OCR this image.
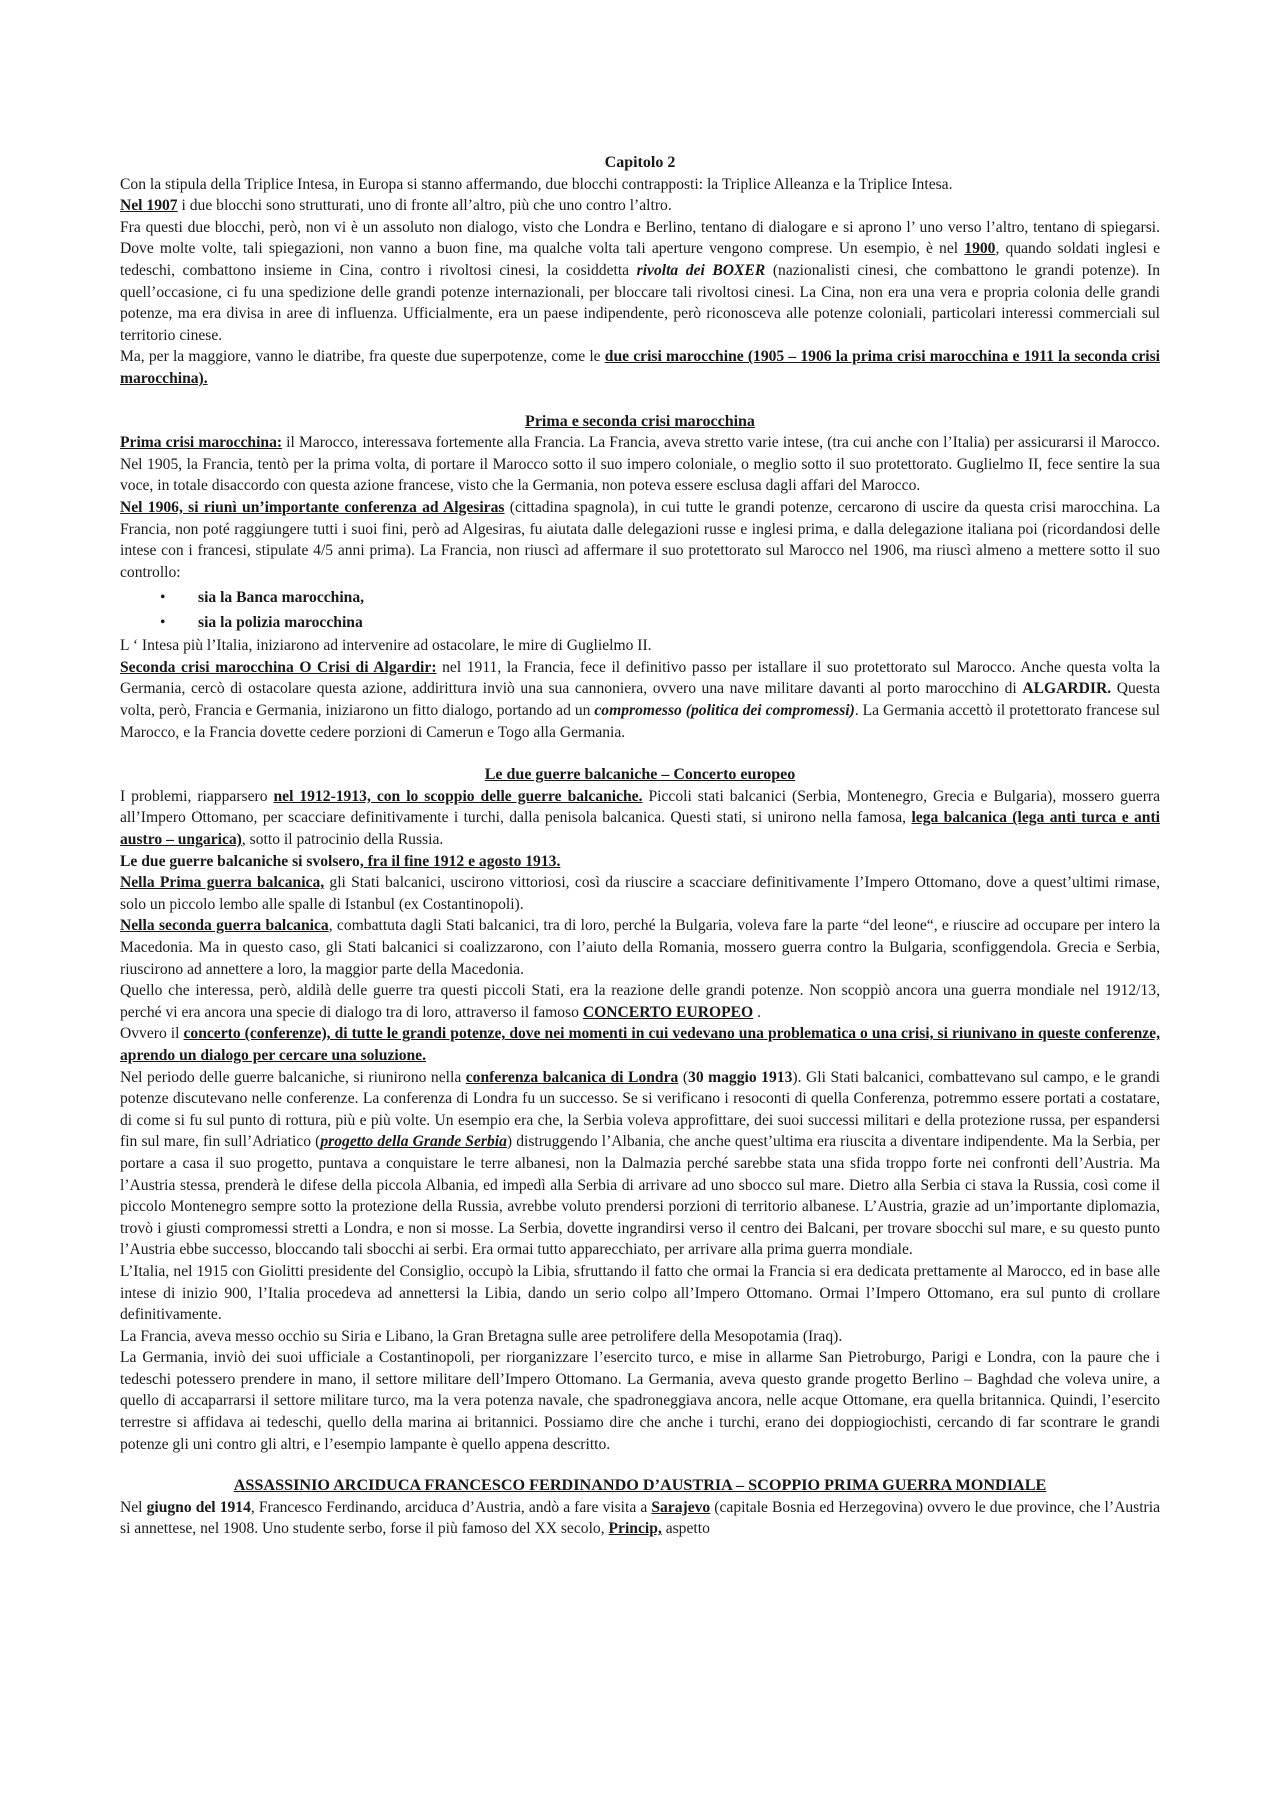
Capitolo 2

Con la stipula della Triplice Intesa, in Europa si stanno affermando, due blocchi contrapposti: la Triplice Alleanza e la Triplice Intesa.

Nel 1907 i due blocchi sono strutturati, uno di fronte all’altro, più che uno contro l’altro.

Fra questi due blocchi, però, non vi è un assoluto non dialogo, visto che Londra e Berlino, tentano di dialogare e si aprono l’ uno verso l’altro, tentano di spiegarsi. Dove molte volte, tali spiegazioni, non vanno a buon fine, ma qualche volta tali aperture vengono comprese. Un esempio, è nel 1900, quando soldati inglesi e tedeschi, combattono insieme in Cina, contro i rivoltosi cinesi, la cosiddetta rivolta dei BOXER (nazionalisti cinesi, che combattono le grandi potenze). In quell’occasione, ci fu una spedizione delle grandi potenze internazionali, per bloccare tali rivoltosi cinesi. La Cina, non era una vera e propria colonia delle grandi potenze, ma era divisa in aree di influenza. Ufficialmente, era un paese indipendente, però riconosceva alle potenze coloniali, particolari interessi commerciali sul territorio cinese.

Ma, per la maggiore, vanno le diatribe, fra queste due superpotenze, come le due crisi marocchine (1905 – 1906 la prima crisi marocchina e 1911 la seconda crisi marocchina).

Prima e seconda crisi marocchina

Prima crisi marocchina: il Marocco, interessava fortemente alla Francia. La Francia, aveva stretto varie intese, (tra cui anche con l’Italia) per assicurarsi il Marocco. Nel 1905, la Francia, tentò per la prima volta, di portare il Marocco sotto il suo impero coloniale, o meglio sotto il suo protettorato. Guglielmo II, fece sentire la sua voce, in totale disaccordo con questa azione francese, visto che la Germania, non poteva essere esclusa dagli affari del Marocco.

Nel 1906, si riunì un’importante conferenza ad Algesiras (cittadina spagnola), in cui tutte le grandi potenze, cercarono di uscire da questa crisi marocchina. La Francia, non poté raggiungere tutti i suoi fini, però ad Algesiras, fu aiutata dalle delegazioni russe e inglesi prima, e dalla delegazione italiana poi (ricordandosi delle intese con i francesi, stipulate 4/5 anni prima). La Francia, non riuscì ad affermare il suo protettorato sul Marocco nel 1906, ma riuscì almeno a mettere sotto il suo controllo:

• sia la Banca marocchina,
• sia la polizia marocchina

L ‘ Intesa più l’Italia, iniziarono ad intervenire ad ostacolare, le mire di Guglielmo II.

Seconda crisi marocchina O Crisi di Algardir: nel 1911, la Francia, fece il definitivo passo per istallare il suo protettorato sul Marocco. Anche questa volta la Germania, cercò di ostacolare questa azione, addirittura inviò una sua cannoniera, ovvero una nave militare davanti al porto marocchino di ALGARDIR. Questa volta, però, Francia e Germania, iniziarono un fitto dialogo, portando ad un compromesso (politica dei compromessi). La Germania accettò il protettorato francese sul Marocco, e la Francia dovette cedere porzioni di Camerun e Togo alla Germania.

Le due guerre balcaniche – Concerto europeo

I problemi, riapparsero nel 1912-1913, con lo scoppio delle guerre balcaniche. Piccoli stati balcanici (Serbia, Montenegro, Grecia e Bulgaria), mossero guerra all’Impero Ottomano, per scacciare definitivamente i turchi, dalla penisola balcanica. Questi stati, si unirono nella famosa, lega balcanica (lega anti turca e anti austro – ungarica), sotto il patrocinio della Russia.

Le due guerre balcaniche si svolsero, fra il fine 1912 e agosto 1913.

Nella Prima guerra balcanica, gli Stati balcanici, uscirono vittoriosi, così da riuscire a scacciare definitivamente l’Impero Ottomano, dove a quest’ultimi rimase, solo un piccolo lembo alle spalle di Istanbul (ex Costantinopoli).

Nella seconda guerra balcanica, combattuta dagli Stati balcanici, tra di loro, perché la Bulgaria, voleva fare la parte “del leone“, e riuscire ad occupare per intero la Macedonia. Ma in questo caso, gli Stati balcanici si coalizzarono, con l’aiuto della Romania, mossero guerra contro la Bulgaria, sconfiggendola. Grecia e Serbia, riuscirono ad annettere a loro, la maggior parte della Macedonia.

Quello che interessa, però, aldilà delle guerre tra questi piccoli Stati, era la reazione delle grandi potenze. Non scoppiò ancora una guerra mondiale nel 1912/13, perché vi era ancora una specie di dialogo tra di loro, attraverso il famoso CONCERTO EUROPEO .

Ovvero il concerto (conferenze), di tutte le grandi potenze, dove nei momenti in cui vedevano una problematica o una crisi, si riunivano in queste conferenze, aprendo un dialogo per cercare una soluzione.

Nel periodo delle guerre balcaniche, si riunirono nella conferenza balcanica di Londra (30 maggio 1913). Gli Stati balcanici, combattevano sul campo, e le grandi potenze discutevano nelle conferenze. La conferenza di Londra fu un successo. Se si verificano i resoconti di quella Conferenza, potremmo essere portati a costatare, di come si fu sul punto di rottura, più e più volte. Un esempio era che, la Serbia voleva approfittare, dei suoi successi militari e della protezione russa, per espandersi fin sul mare, fin sull’Adriatico (progetto della Grande Serbia) distruggendo l’Albania, che anche quest’ultima era riuscita a diventare indipendente. Ma la Serbia, per portare a casa il suo progetto, puntava a conquistare le terre albanesi, non la Dalmazia perché sarebbe stata una sfida troppo forte nei confronti dell’Austria. Ma l’Austria stessa, prenderà le difese della piccola Albania, ed impedì alla Serbia di arrivare ad uno sbocco sul mare. Dietro alla Serbia ci stava la Russia, così come il piccolo Montenegro sempre sotto la protezione della Russia, avrebbe voluto prendersi porzioni di territorio albanese. L’Austria, grazie ad un’importante diplomazia, trovò i giusti compromessi stretti a Londra, e non si mosse. La Serbia, dovette ingrandirsi verso il centro dei Balcani, per trovare sbocchi sul mare, e su questo punto l’Austria ebbe successo, bloccando tali sbocchi ai serbi. Era ormai tutto apparecchiato, per arrivare alla prima guerra mondiale.

L’Italia, nel 1915 con Giolitti presidente del Consiglio, occupò la Libia, sfruttando il fatto che ormai la Francia si era dedicata prettamente al Marocco, ed in base alle intese di inizio 900, l’Italia procedeva ad annettersi la Libia, dando un serio colpo all’Impero Ottomano. Ormai l’Impero Ottomano, era sul punto di crollare definitivamente.

La Francia, aveva messo occhio su Siria e Libano, la Gran Bretagna sulle aree petrolifere della Mesopotamia (Iraq).

La Germania, inviò dei suoi ufficiale a Costantinopoli, per riorganizzare l’esercito turco, e mise in allarme San Pietroburgo, Parigi e Londra, con la paure che i tedeschi potessero prendere in mano, il settore militare dell’Impero Ottomano. La Germania, aveva questo grande progetto Berlino – Baghdad che voleva unire, a quello di accaparrarsi il settore militare turco, ma la vera potenza navale, che spadroneggiava ancora, nelle acque Ottomane, era quella britannica. Quindi, l’esercito terrestre si affidava ai tedeschi, quello della marina ai britannici. Possiamo dire che anche i turchi, erano dei doppiogiochisti, cercando di far scontrare le grandi potenze gli uni contro gli altri, e l’esempio lampante è quello appena descritto.

ASSASSINIO ARCIDUCA FRANCESCO FERDINANDO D’AUSTRIA – SCOPPIO PRIMA GUERRA MONDIALE

Nel giugno del 1914, Francesco Ferdinando, arciduca d’Austria, andò a fare visita a Sarajevo (capitale Bosnia ed Herzegovina) ovvero le due province, che l’Austria si annettese, nel 1908. Uno studente serbo, forse il più famoso del XX secolo, Princip, aspetto
